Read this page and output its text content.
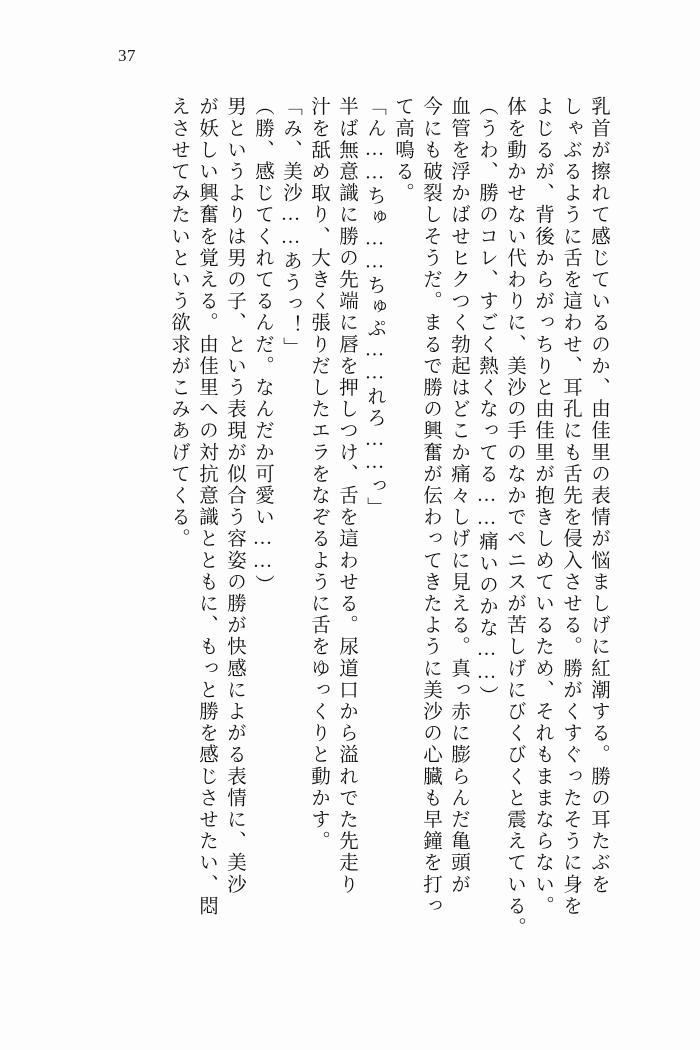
37
乳首が擦れて感じているのか、由佳里の表情が悩ましげに紅潮する。勝の耳たぶを
しゃぶるように舌を這わせ、耳孔にも舌先を侵入させる。勝がくすぐったそうに身を
よじるが、背後からがっちりと由佳里が抱きしめているため、それもままならない。
体を動かせない代わりに、美沙の手のなかでペニスが苦しげにびくびくと震えている。
（うわ、勝のコレ、すごく熱くなってる……痛いのかな……）
血管を浮かばせヒクつく勃起はどこか痛々しげに見える。真っ赤に膨らんだ亀頭が
今にも破裂しそうだ。まるで勝の興奮が伝わってきたように美沙の心臓も早鐘を打っ
て高鳴る。
「ん……ちゅ……ちゅぷ……れろ……っ」
半ば無意識に勝の先端に唇を押しつけ、舌を這わせる。尿道口から溢れでた先走り
汁を舐め取り、大きく張りだしたエラをなぞるように舌をゆっくりと動かす。
「み、美沙……あうっ！」
（勝、感じてくれてるんだ。なんだか可愛い……）
男というよりは男の子、という表現が似合う容姿の勝が快感によがる表情に、美沙
が妖しい興奮を覚える。由佳里への対抗意識とともに、もっと勝を感じさせたい、悶
えさせてみたいという欲求がこみあげてくる。
